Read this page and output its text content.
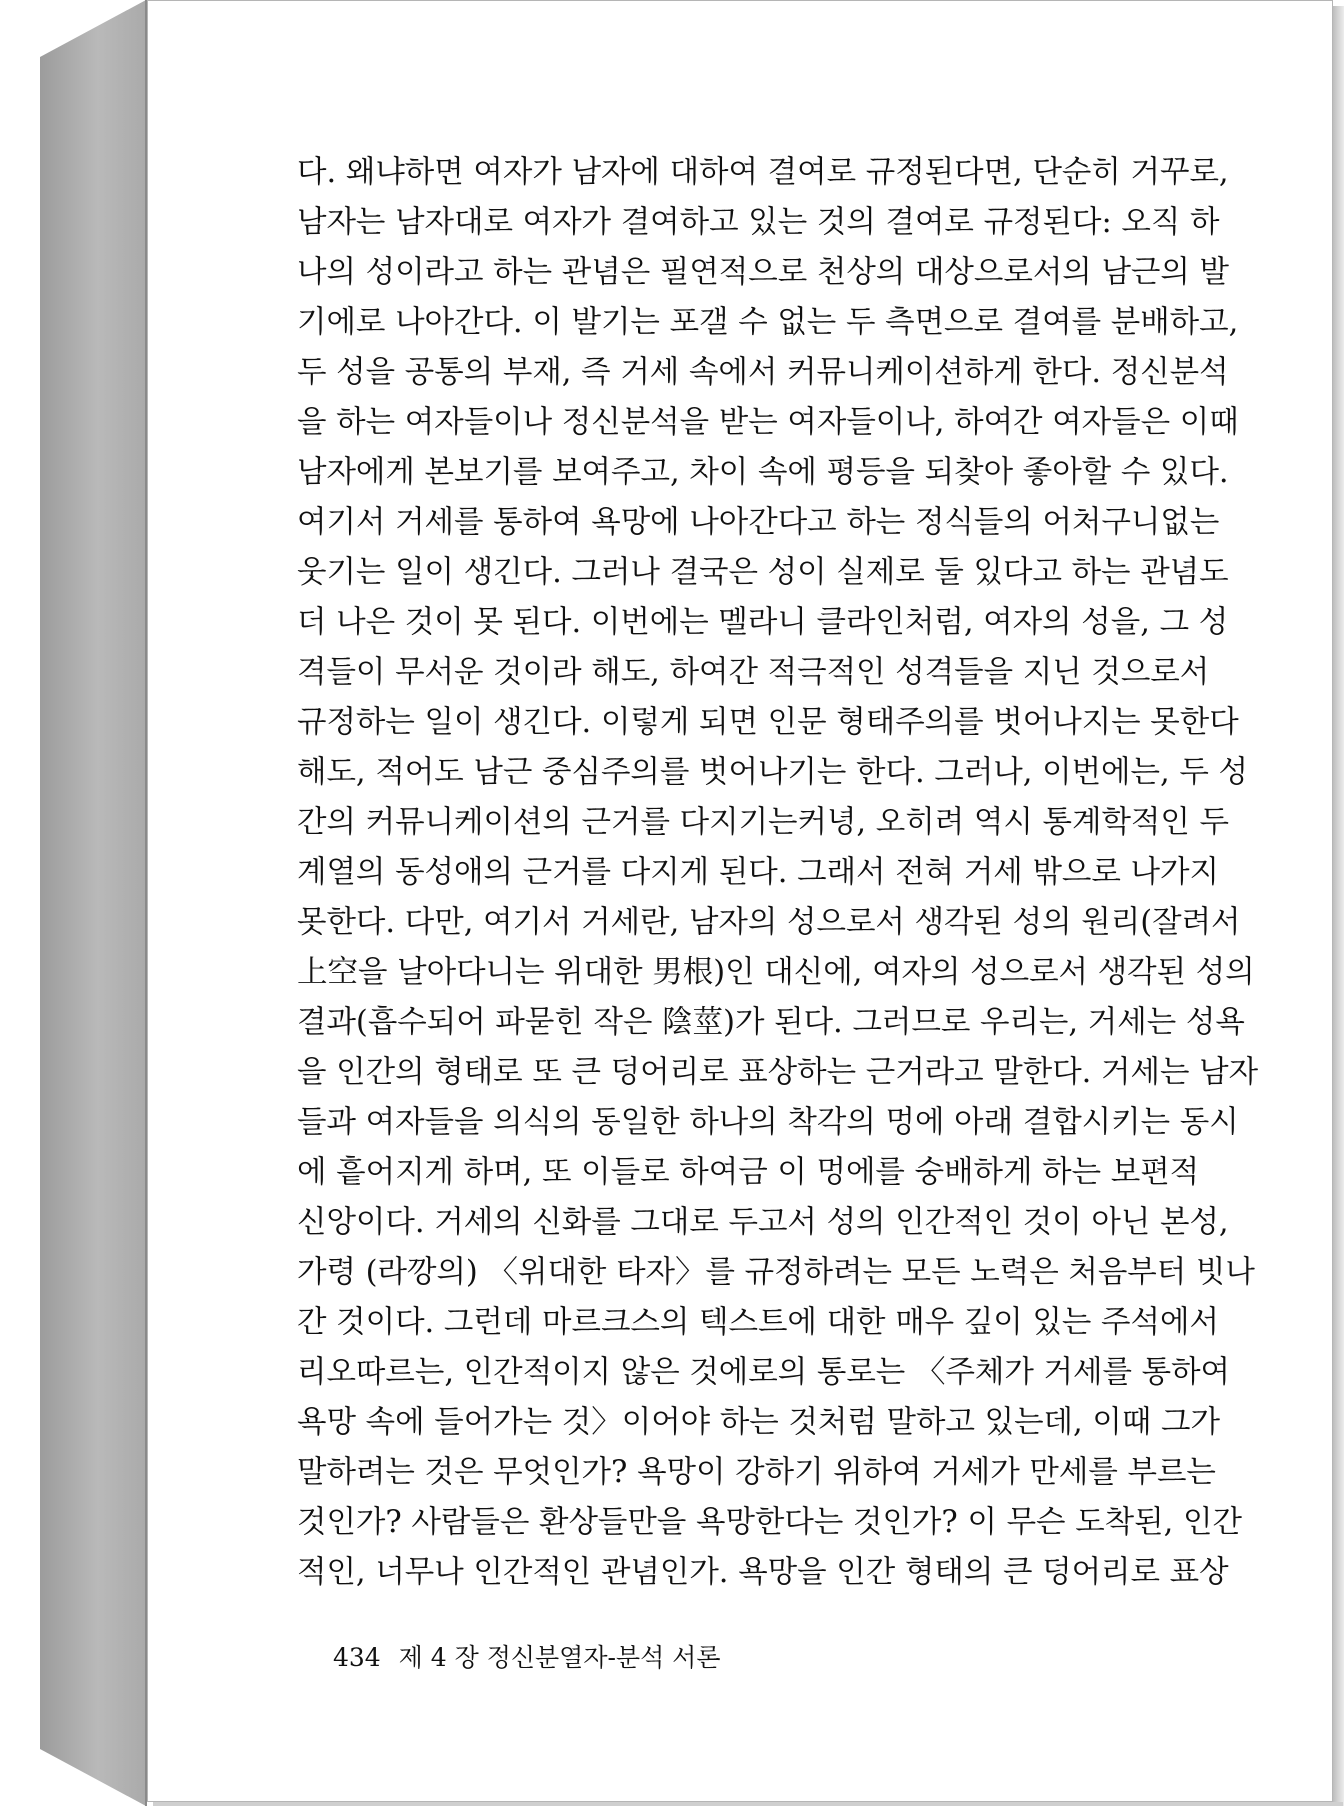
다. 왜냐하면 여자가 남자에 대하여 결여로 규정된다면, 단순히 거꾸로,
남자는 남자대로 여자가 결여하고 있는 것의 결여로 규정된다: 오직 하
나의 성이라고 하는 관념은 필연적으로 천상의 대상으로서의 남근의 발
기에로 나아간다. 이 발기는 포갤 수 없는 두 측면으로 결여를 분배하고,
두 성을 공통의 부재, 즉 거세 속에서 커뮤니케이션하게 한다. 정신분석
을 하는 여자들이나 정신분석을 받는 여자들이나, 하여간 여자들은 이때
남자에게 본보기를 보여주고, 차이 속에 평등을 되찾아 좋아할 수 있다.
여기서 거세를 통하여 욕망에 나아간다고 하는 정식들의 어처구니없는
웃기는 일이 생긴다. 그러나 결국은 성이 실제로 둘 있다고 하는 관념도
더 나은 것이 못 된다. 이번에는 멜라니 클라인처럼, 여자의 성을, 그 성
격들이 무서운 것이라 해도, 하여간 적극적인 성격들을 지닌 것으로서
규정하는 일이 생긴다. 이렇게 되면 인문 형태주의를 벗어나지는 못한다
해도, 적어도 남근 중심주의를 벗어나기는 한다. 그러나, 이번에는, 두 성
간의 커뮤니케이션의 근거를 다지기는커녕, 오히려 역시 통계학적인 두
계열의 동성애의 근거를 다지게 된다. 그래서 전혀 거세 밖으로 나가지
못한다. 다만, 여기서 거세란, 남자의 성으로서 생각된 성의 원리(잘려서
上空을 날아다니는 위대한 男根)인 대신에, 여자의 성으로서 생각된 성의
결과(흡수되어 파묻힌 작은 陰莖)가 된다. 그러므로 우리는, 거세는 성욕
을 인간의 형태로 또 큰 덩어리로 표상하는 근거라고 말한다. 거세는 남자
들과 여자들을 의식의 동일한 하나의 착각의 멍에 아래 결합시키는 동시
에 흩어지게 하며, 또 이들로 하여금 이 멍에를 숭배하게 하는 보편적
신앙이다. 거세의 신화를 그대로 두고서 성의 인간적인 것이 아닌 본성,
가령 (라깡의) 〈위대한 타자〉를 규정하려는 모든 노력은 처음부터 빗나
간 것이다. 그런데 마르크스의 텍스트에 대한 매우 깊이 있는 주석에서
리오따르는, 인간적이지 않은 것에로의 통로는 〈주체가 거세를 통하여
욕망 속에 들어가는 것〉이어야 하는 것처럼 말하고 있는데, 이때 그가
말하려는 것은 무엇인가? 욕망이 강하기 위하여 거세가 만세를 부르는
것인가? 사람들은 환상들만을 욕망한다는 것인가? 이 무슨 도착된, 인간
적인, 너무나 인간적인 관념인가. 욕망을 인간 형태의 큰 덩어리로 표상
434 제 4 장 정신분열자-분석 서론
